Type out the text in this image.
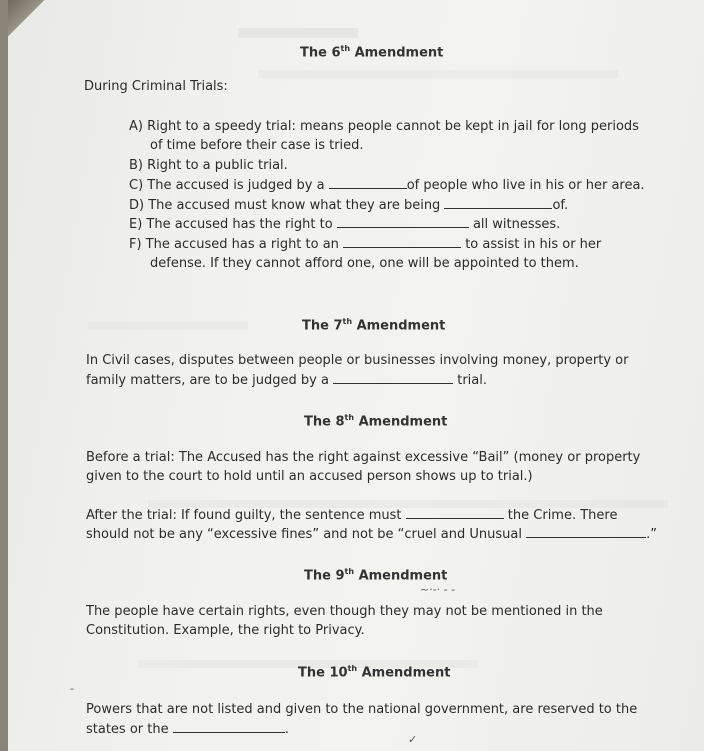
The 6th Amendment
During Criminal Trials:
A) Right to a speedy trial: means people cannot be kept in jail for long periods
of time before their case is tried.
B) Right to a public trial.
C) The accused is judged by a	of people who live in his or her area.
D) The accused must know what they are being	of.
E) The accused has the right to	all witnesses.
F) The accused has a right to an	to assist in his or her
defense. If they cannot afford one, one will be appointed to them.
The 7th Amendment
In Civil cases, disputes between people or businesses involving money, property or
family matters, are to be judged by a	trial.
The 8th Amendment
Before a trial: The Accused has the right against excessive “Bail” (money or property
given to the court to hold until an accused person shows up to trial.)
After the trial: If found guilty, the sentence must	the Crime. There
should not be any “excessive fines” and not be “cruel and Unusual	.”
The 9th Amendment
~·-· - -
The people have certain rights, even though they may not be mentioned in the
Constitution. Example, the right to Privacy.
The 10th Amendment
-
Powers that are not listed and given to the national government, are reserved to the
states or the	.
✓
